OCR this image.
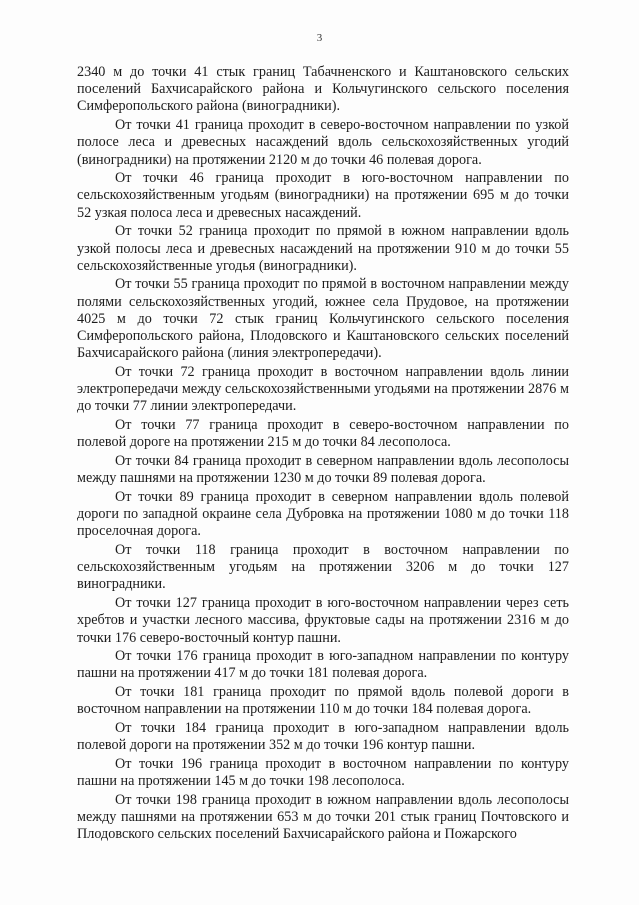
3

2340 м до точки 41 стык границ Табачненского и Каштановского сельских поселений Бахчисарайского района и Кольчугинского сельского поселения Симферопольского района (виноградники).

От точки 41 граница проходит в северо-восточном направлении по узкой полосе леса и древесных насаждений вдоль сельскохозяйственных угодий (виноградники) на протяжении 2120 м до точки 46 полевая дорога.

От точки 46 граница проходит в юго-восточном направлении по сельскохозяйственным угодьям (виноградники) на протяжении 695 м до точки 52 узкая полоса леса и древесных насаждений.

От точки 52 граница проходит по прямой в южном направлении вдоль узкой полосы леса и древесных насаждений на протяжении 910 м до точки 55 сельскохозяйственные угодья (виноградники).

От точки 55 граница проходит по прямой в восточном направлении между полями сельскохозяйственных угодий, южнее села Прудовое, на протяжении 4025 м до точки 72 стык границ Кольчугинского сельского поселения Симферопольского района, Плодовского и Каштановского сельских поселений Бахчисарайского района (линия электропередачи).

От точки 72 граница проходит в восточном направлении вдоль линии электропередачи между сельскохозяйственными угодьями на протяжении 2876 м до точки 77 линии электропередачи.

От точки 77 граница проходит в северо-восточном направлении по полевой дороге на протяжении 215 м до точки 84 лесополоса.

От точки 84 граница проходит в северном направлении вдоль лесополосы между пашнями на протяжении 1230 м до точки 89 полевая дорога.

От точки 89 граница проходит в северном направлении вдоль полевой дороги по западной окраине села Дубровка на протяжении 1080 м до точки 118 проселочная дорога.

От точки 118 граница проходит в восточном направлении по сельскохозяйственным угодьям на протяжении 3206 м до точки 127 виноградники.

От точки 127 граница проходит в юго-восточном направлении через сеть хребтов и участки лесного массива, фруктовые сады на протяжении 2316 м до точки 176 северо-восточный контур пашни.

От точки 176 граница проходит в юго-западном направлении по контуру пашни на протяжении 417 м до точки 181 полевая дорога.

От точки 181 граница проходит по прямой вдоль полевой дороги в восточном направлении на протяжении 110 м до точки 184 полевая дорога.

От точки 184 граница проходит в юго-западном направлении вдоль полевой дороги на протяжении 352 м до точки 196 контур пашни.

От точки 196 граница проходит в восточном направлении по контуру пашни на протяжении 145 м до точки 198 лесополоса.

От точки 198 граница проходит в южном направлении вдоль лесополосы между пашнями на протяжении 653 м до точки 201 стык границ Почтовского и Плодовского сельских поселений Бахчисарайского района и Пожарского
